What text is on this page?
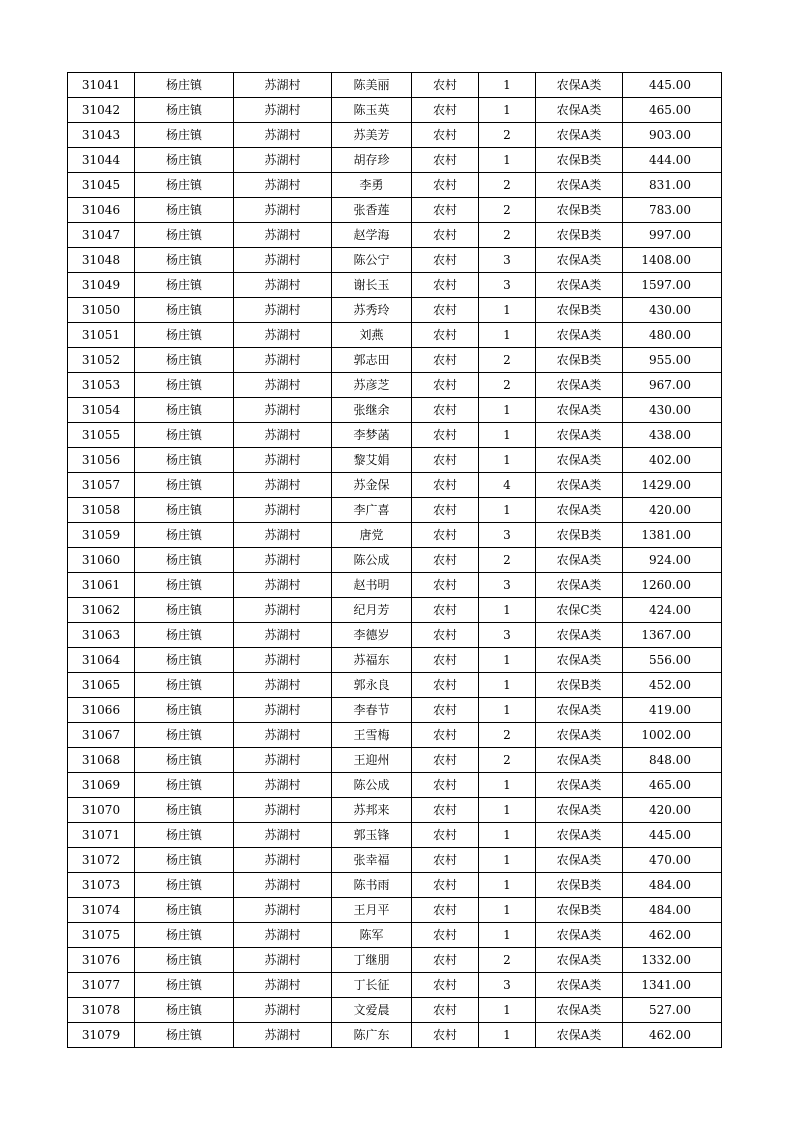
31041	杨庄镇	苏湖村	陈美丽	农村	1	农保A类	445.00
31042	杨庄镇	苏湖村	陈玉英	农村	1	农保A类	465.00
31043	杨庄镇	苏湖村	苏美芳	农村	2	农保A类	903.00
31044	杨庄镇	苏湖村	胡存珍	农村	1	农保B类	444.00
31045	杨庄镇	苏湖村	李勇	农村	2	农保A类	831.00
31046	杨庄镇	苏湖村	张香莲	农村	2	农保B类	783.00
31047	杨庄镇	苏湖村	赵学海	农村	2	农保B类	997.00
31048	杨庄镇	苏湖村	陈公宁	农村	3	农保A类	1408.00
31049	杨庄镇	苏湖村	谢长玉	农村	3	农保A类	1597.00
31050	杨庄镇	苏湖村	苏秀玲	农村	1	农保B类	430.00
31051	杨庄镇	苏湖村	刘燕	农村	1	农保A类	480.00
31052	杨庄镇	苏湖村	郭志田	农村	2	农保B类	955.00
31053	杨庄镇	苏湖村	苏彦芝	农村	2	农保A类	967.00
31054	杨庄镇	苏湖村	张继余	农村	1	农保A类	430.00
31055	杨庄镇	苏湖村	李梦菡	农村	1	农保A类	438.00
31056	杨庄镇	苏湖村	黎艾娟	农村	1	农保A类	402.00
31057	杨庄镇	苏湖村	苏金保	农村	4	农保A类	1429.00
31058	杨庄镇	苏湖村	李广喜	农村	1	农保A类	420.00
31059	杨庄镇	苏湖村	唐党	农村	3	农保B类	1381.00
31060	杨庄镇	苏湖村	陈公成	农村	2	农保A类	924.00
31061	杨庄镇	苏湖村	赵书明	农村	3	农保A类	1260.00
31062	杨庄镇	苏湖村	纪月芳	农村	1	农保C类	424.00
31063	杨庄镇	苏湖村	李德岁	农村	3	农保A类	1367.00
31064	杨庄镇	苏湖村	苏福东	农村	1	农保A类	556.00
31065	杨庄镇	苏湖村	郭永良	农村	1	农保B类	452.00
31066	杨庄镇	苏湖村	李春节	农村	1	农保A类	419.00
31067	杨庄镇	苏湖村	王雪梅	农村	2	农保A类	1002.00
31068	杨庄镇	苏湖村	王迎州	农村	2	农保A类	848.00
31069	杨庄镇	苏湖村	陈公成	农村	1	农保A类	465.00
31070	杨庄镇	苏湖村	苏邦来	农村	1	农保A类	420.00
31071	杨庄镇	苏湖村	郭玉锋	农村	1	农保A类	445.00
31072	杨庄镇	苏湖村	张幸福	农村	1	农保A类	470.00
31073	杨庄镇	苏湖村	陈书雨	农村	1	农保B类	484.00
31074	杨庄镇	苏湖村	王月平	农村	1	农保B类	484.00
31075	杨庄镇	苏湖村	陈军	农村	1	农保A类	462.00
31076	杨庄镇	苏湖村	丁继朋	农村	2	农保A类	1332.00
31077	杨庄镇	苏湖村	丁长征	农村	3	农保A类	1341.00
31078	杨庄镇	苏湖村	文爱晨	农村	1	农保A类	527.00
31079	杨庄镇	苏湖村	陈广东	农村	1	农保A类	462.00
